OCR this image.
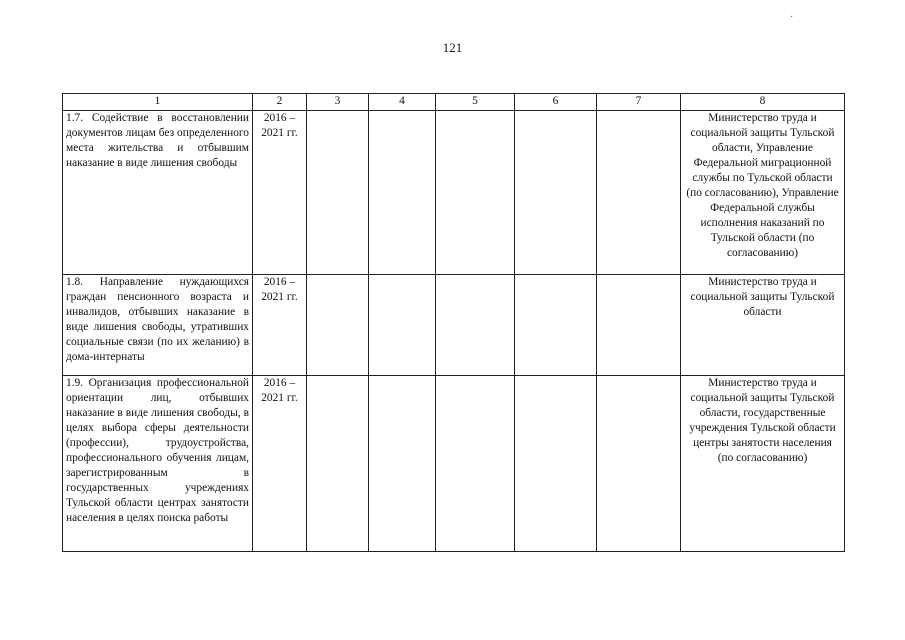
·
121
1	2	3	4	5	6	7	8
1.7. Содействие в восстановлении документов лицам без определенного места жительства и отбывшим наказание в виде лишения свободы	2016 – 2021 гг.						Министерство труда и социальной защиты Тульской области, Управление Федеральной миграционной службы по Тульской области (по согласованию), Управление Федеральной службы исполнения наказаний по Тульской области (по согласованию)
1.8. Направление нуждающихся граждан пенсионного возраста и инвалидов, отбывших наказание в виде лишения свободы, утративших социальные связи (по их желанию) в дома-интернаты	2016 – 2021 гг.						Министерство труда и социальной защиты Тульской области
1.9. Организация профессиональной ориентации лиц, отбывших наказание в виде лишения свободы, в целях выбора сферы деятельности (профессии), трудоустройства, профессионального обучения лицам, зарегистрированным в государственных учреждениях Тульской области центрах занятости населения в целях поиска работы	2016 – 2021 гг.						Министерство труда и социальной защиты Тульской области, государственные учреждения Тульской области центры занятости населения (по согласованию)
